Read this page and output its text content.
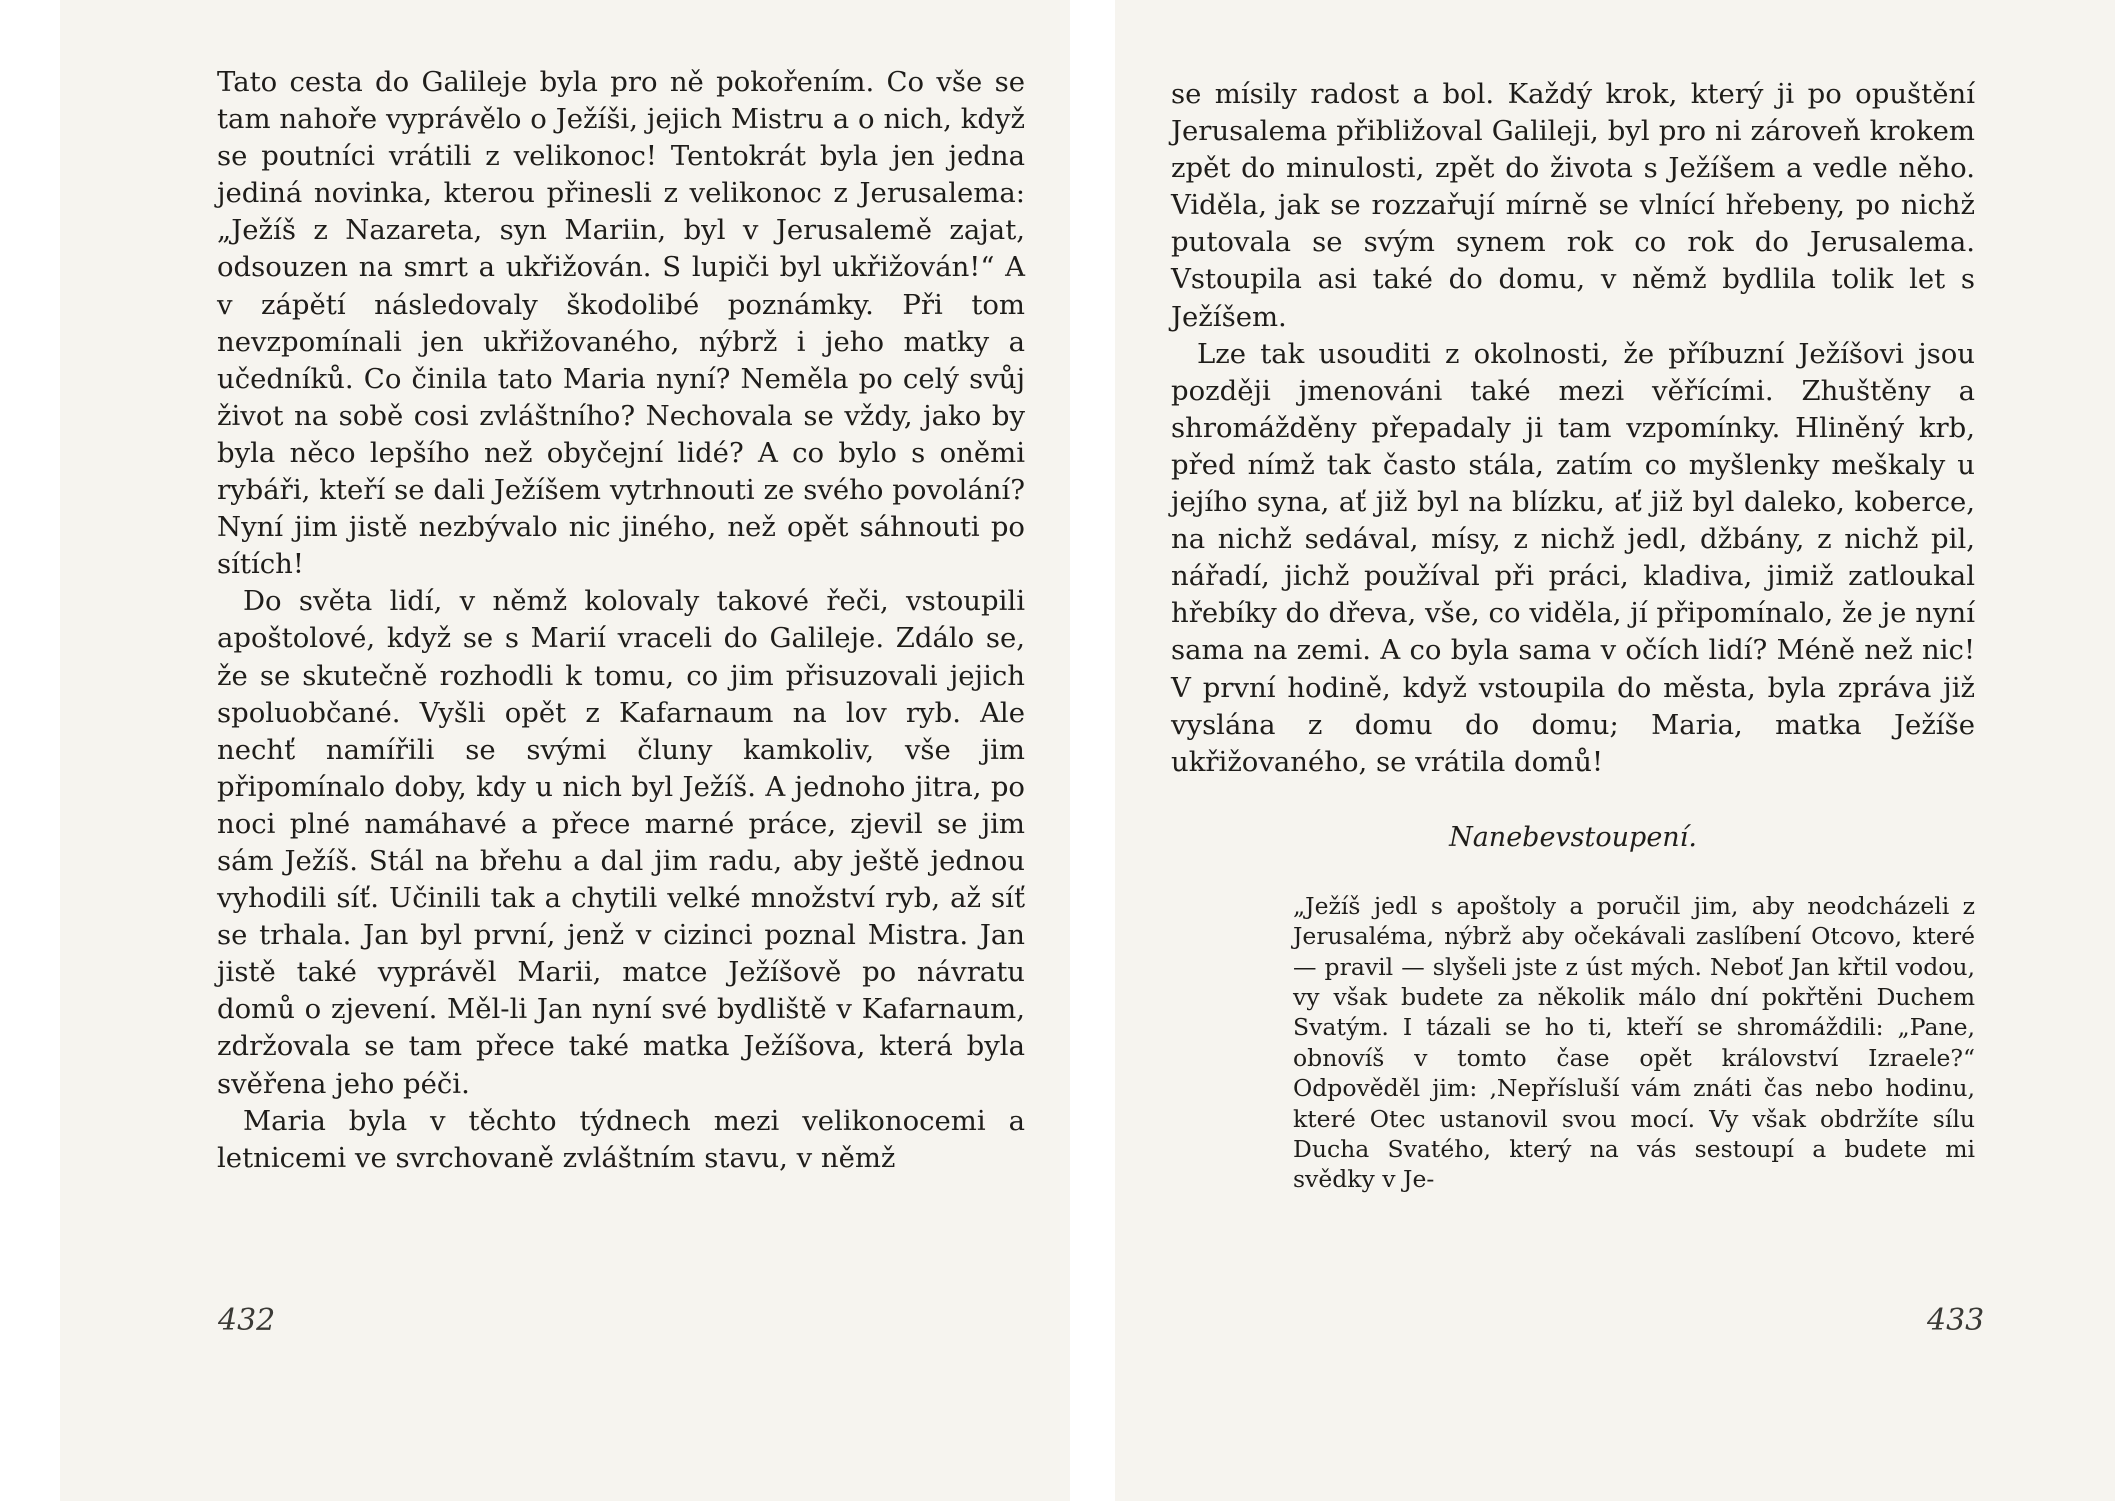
Tato cesta do Galileje byla pro ně pokořením. Co vše se tam nahoře vyprávělo o Ježíši, jejich Mistru a o nich, když se poutníci vrátili z velikonoc! Tentokrát byla jen jedna jediná novinka, kterou přinesli z velikonoc z Jerusalema: „Ježíš z Nazareta, syn Mariin, byl v Jerusalemě zajat, odsouzen na smrt a ukřižován. S lupiči byl ukřižován!“ A v zápětí následovaly škodolibé poznámky. Při tom nevzpomínali jen ukřižovaného, nýbrž i jeho matky a učedníků. Co činila tato Maria nyní? Neměla po celý svůj život na sobě cosi zvláštního? Nechovala se vždy, jako by byla něco lepšího než obyčejní lidé? A co bylo s oněmi rybáři, kteří se dali Ježíšem vytrhnouti ze svého povolání? Nyní jim jistě nezbývalo nic jiného, než opět sáhnouti po sítích!

Do světa lidí, v němž kolovaly takové řeči, vstoupili apoštolové, když se s Marií vraceli do Galileje. Zdálo se, že se skutečně rozhodli k tomu, co jim přisuzovali jejich spoluobčané. Vyšli opět z Kafarnaum na lov ryb. Ale nechť namířili se svými čluny kamkoliv, vše jim připomínalo doby, kdy u nich byl Ježíš. A jednoho jitra, po noci plné namáhavé a přece marné práce, zjevil se jim sám Ježíš. Stál na břehu a dal jim radu, aby ještě jednou vyhodili síť. Učinili tak a chytili velké množství ryb, až síť se trhala. Jan byl první, jenž v cizinci poznal Mistra. Jan jistě také vyprávěl Marii, matce Ježíšově po návratu domů o zjevení. Měl-li Jan nyní své bydliště v Kafarnaum, zdržovala se tam přece také matka Ježíšova, která byla svěřena jeho péči.

Maria byla v těchto týdnech mezi velikonocemi a letnicemi ve svrchovaně zvláštním stavu, v němž

432

se mísily radost a bol. Každý krok, který ji po opuštění Jerusalema přibližoval Galileji, byl pro ni zároveň krokem zpět do minulosti, zpět do života s Ježíšem a vedle něho. Viděla, jak se rozzařují mírně se vlnící hřebeny, po nichž putovala se svým synem rok co rok do Jerusalema. Vstoupila asi také do domu, v němž bydlila tolik let s Ježíšem.

Lze tak usouditi z okolnosti, že příbuzní Ježíšovi jsou později jmenováni také mezi věřícími. Zhuštěny a shromážděny přepadaly ji tam vzpomínky. Hliněný krb, před nímž tak často stála, zatím co myšlenky meškaly u jejího syna, ať již byl na blízku, ať již byl daleko, koberce, na nichž sedával, mísy, z nichž jedl, džbány, z nichž pil, nářadí, jichž používal při práci, kladiva, jimiž zatloukal hřebíky do dřeva, vše, co viděla, jí připomínalo, že je nyní sama na zemi. A co byla sama v očích lidí? Méně než nic! V první hodině, když vstoupila do města, byla zpráva již vyslána z domu do domu; Maria, matka Ježíše ukřižovaného, se vrátila domů!

Nanebevstoupení.

„Ježíš jedl s apoštoly a poručil jim, aby neodcházeli z Jerusaléma, nýbrž aby očekávali zaslíbení Otcovo, které — pravil — slyšeli jste z úst mých. Neboť Jan křtil vodou, vy však budete za několik málo dní pokřtěni Duchem Svatým. I tázali se ho ti, kteří se shromáždili: „Pane, obnovíš v tomto čase opět království Izraele?“ Odpověděl jim: ‚Nepřísluší vám znáti čas nebo hodinu, které Otec ustanovil svou mocí. Vy však obdržíte sílu Ducha Svatého, který na vás sestoupí a budete mi svědky v Je-

433
